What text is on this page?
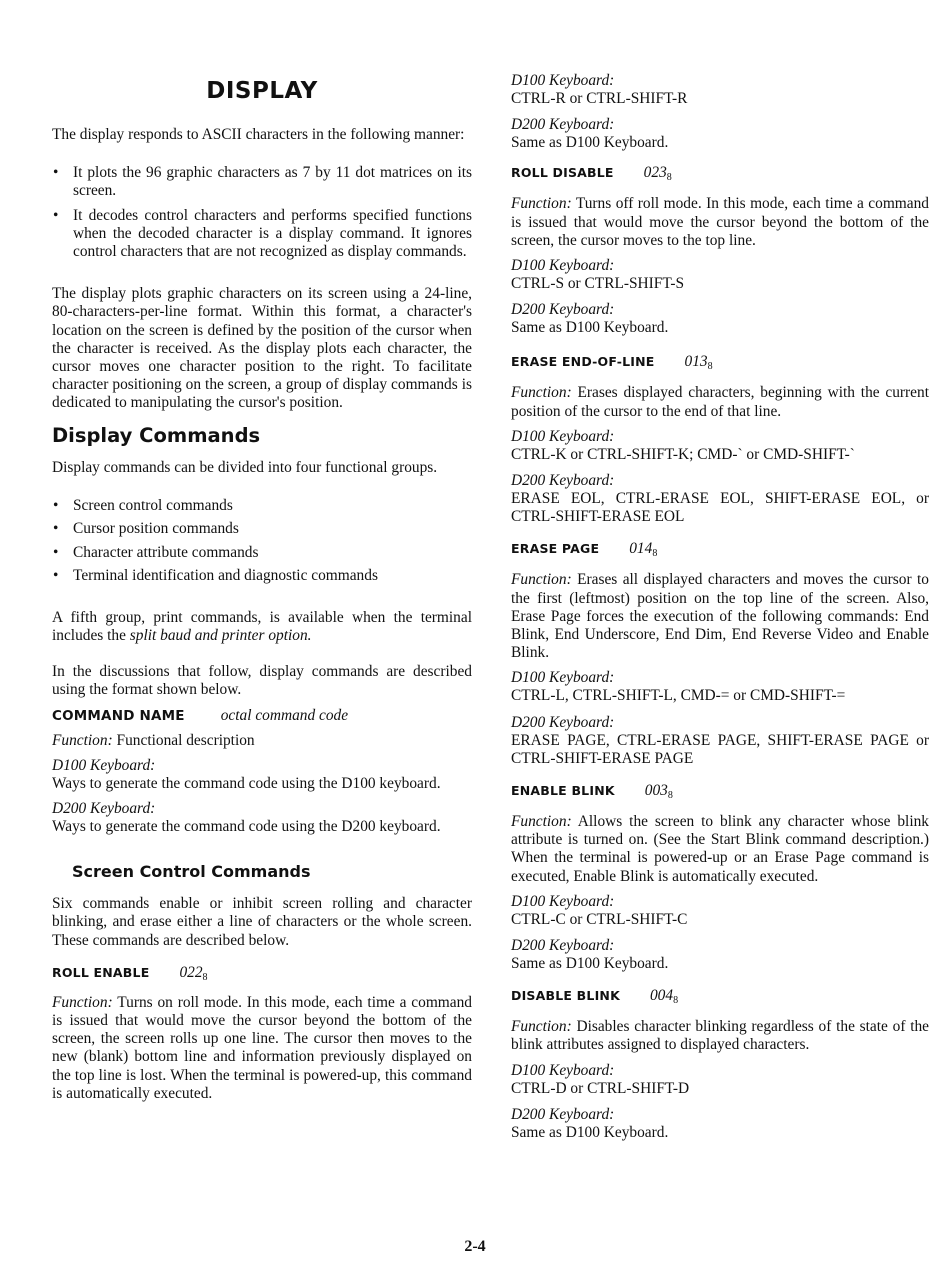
DISPLAY

The display responds to ASCII characters in the following manner:

• It plots the 96 graphic characters as 7 by 11 dot matrices on its screen.
• It decodes control characters and performs specified functions when the decoded character is a display command. It ignores control characters that are not recognized as display commands.

The display plots graphic characters on its screen using a 24-line, 80-characters-per-line format. Within this format, a character's location on the screen is defined by the position of the cursor when the character is received. As the display plots each character, the cursor moves one character position to the right. To facilitate character positioning on the screen, a group of display commands is dedicated to manipulating the cursor's position.

Display Commands

Display commands can be divided into four functional groups.

• Screen control commands
• Cursor position commands
• Character attribute commands
• Terminal identification and diagnostic commands

A fifth group, print commands, is available when the terminal includes the split baud and printer option.

In the discussions that follow, display commands are described using the format shown below.

COMMAND NAME octal command code

Function: Functional description

D100 Keyboard:

Ways to generate the command code using the D100 keyboard.

D200 Keyboard:

Ways to generate the command code using the D200 keyboard.

Screen Control Commands

Six commands enable or inhibit screen rolling and character blinking, and erase either a line of characters or the whole screen. These commands are described below.

ROLL ENABLE $022_8$

Function: Turns on roll mode. In this mode, each time a command is issued that would move the cursor beyond the bottom of the screen, the screen rolls up one line. The cursor then moves to the new (blank) bottom line and information previously displayed on the top line is lost. When the terminal is powered-up, this command is automatically executed.

D100 Keyboard:

CTRL-R or CTRL-SHIFT-R

D200 Keyboard:

Same as D100 Keyboard.

ROLL DISABLE $023_8$

Function: Turns off roll mode. In this mode, each time a command is issued that would move the cursor beyond the bottom of the screen, the cursor moves to the top line.

D100 Keyboard:

CTRL-S or CTRL-SHIFT-S

D200 Keyboard:

Same as D100 Keyboard.

ERASE END-OF-LINE $013_8$

Function: Erases displayed characters, beginning with the current position of the cursor to the end of that line.

D100 Keyboard:

CTRL-K or CTRL-SHIFT-K; CMD-` or CMD-SHIFT-`

D200 Keyboard:

ERASE EOL, CTRL-ERASE EOL, SHIFT-ERASE EOL, or CTRL-SHIFT-ERASE EOL

ERASE PAGE $014_8$

Function: Erases all displayed characters and moves the cursor to the first (leftmost) position on the top line of the screen. Also, Erase Page forces the execution of the following commands: End Blink, End Underscore, End Dim, End Reverse Video and Enable Blink.

D100 Keyboard:

CTRL-L, CTRL-SHIFT-L, CMD-= or CMD-SHIFT-=

D200 Keyboard:

ERASE PAGE, CTRL-ERASE PAGE, SHIFT-ERASE PAGE or CTRL-SHIFT-ERASE PAGE

ENABLE BLINK $003_8$

Function: Allows the screen to blink any character whose blink attribute is turned on. (See the Start Blink command description.) When the terminal is powered-up or an Erase Page command is executed, Enable Blink is automatically executed.

D100 Keyboard:

CTRL-C or CTRL-SHIFT-C

D200 Keyboard:

Same as D100 Keyboard.

DISABLE BLINK $004_8$

Function: Disables character blinking regardless of the state of the blink attributes assigned to displayed characters.

D100 Keyboard:

CTRL-D or CTRL-SHIFT-D

D200 Keyboard:

Same as D100 Keyboard.

2-4
